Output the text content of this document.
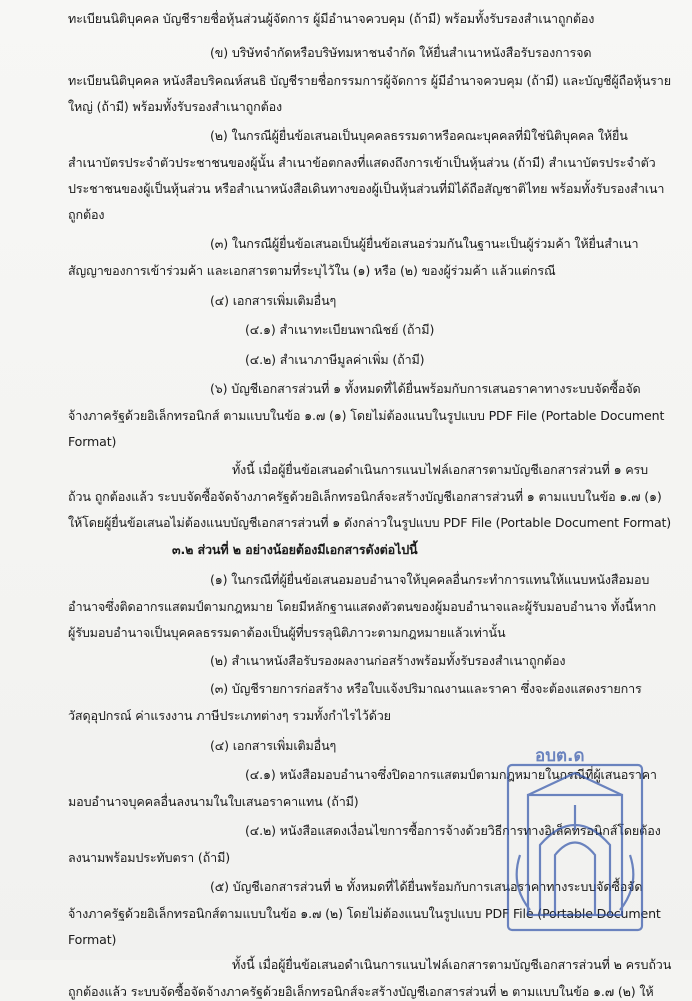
ทะเบียนนิติบุคคล บัญชีรายชื่อหุ้นส่วนผู้จัดการ ผู้มีอำนาจควบคุม (ถ้ามี) พร้อมทั้งรับรองสำเนาถูกต้อง
(ข) บริษัทจำกัดหรือบริษัทมหาชนจำกัด ให้ยื่นสำเนาหนังสือรับรองการจด
ทะเบียนนิติบุคคล หนังสือบริคณห์สนธิ บัญชีรายชื่อกรรมการผู้จัดการ ผู้มีอำนาจควบคุม (ถ้ามี) และบัญชีผู้ถือหุ้นราย
ใหญ่ (ถ้ามี) พร้อมทั้งรับรองสำเนาถูกต้อง
(๒) ในกรณีผู้ยื่นข้อเสนอเป็นบุคคลธรรมดาหรือคณะบุคคลที่มิใช่นิติบุคคล ให้ยื่น
สำเนาบัตรประจำตัวประชาชนของผู้นั้น สำเนาข้อตกลงที่แสดงถึงการเข้าเป็นหุ้นส่วน (ถ้ามี) สำเนาบัตรประจำตัว
ประชาชนของผู้เป็นหุ้นส่วน หรือสำเนาหนังสือเดินทางของผู้เป็นหุ้นส่วนที่มิได้ถือสัญชาติไทย พร้อมทั้งรับรองสำเนา
ถูกต้อง
(๓) ในกรณีผู้ยื่นข้อเสนอเป็นผู้ยื่นข้อเสนอร่วมกันในฐานะเป็นผู้ร่วมค้า ให้ยื่นสำเนา
สัญญาของการเข้าร่วมค้า และเอกสารตามที่ระบุไว้ใน (๑) หรือ (๒) ของผู้ร่วมค้า แล้วแต่กรณี
(๔) เอกสารเพิ่มเติมอื่นๆ
(๔.๑) สำเนาทะเบียนพาณิชย์ (ถ้ามี)
(๔.๒) สำเนาภาษีมูลค่าเพิ่ม (ถ้ามี)
(๖) บัญชีเอกสารส่วนที่ ๑ ทั้งหมดที่ได้ยื่นพร้อมกับการเสนอราคาทางระบบจัดซื้อจัด
จ้างภาครัฐด้วยอิเล็กทรอนิกส์ ตามแบบในข้อ ๑.๗ (๑) โดยไม่ต้องแนบในรูปแบบ PDF File (Portable Document
Format)
ทั้งนี้ เมื่อผู้ยื่นข้อเสนอดำเนินการแนบไฟล์เอกสารตามบัญชีเอกสารส่วนที่ ๑ ครบ
ถ้วน ถูกต้องแล้ว ระบบจัดซื้อจัดจ้างภาครัฐด้วยอิเล็กทรอนิกส์จะสร้างบัญชีเอกสารส่วนที่ ๑ ตามแบบในข้อ ๑.๗ (๑)
ให้โดยผู้ยื่นข้อเสนอไม่ต้องแนบบัญชีเอกสารส่วนที่ ๑ ดังกล่าวในรูปแบบ PDF File (Portable Document Format)
๓.๒ ส่วนที่ ๒ อย่างน้อยต้องมีเอกสารดังต่อไปนี้
(๑) ในกรณีที่ผู้ยื่นข้อเสนอมอบอำนาจให้บุคคลอื่นกระทำการแทนให้แนบหนังสือมอบ
อำนาจซึ่งติดอากรแสตมป์ตามกฎหมาย โดยมีหลักฐานแสดงตัวตนของผู้มอบอำนาจและผู้รับมอบอำนาจ ทั้งนี้หาก
ผู้รับมอบอำนาจเป็นบุคคลธรรมดาต้องเป็นผู้ที่บรรลุนิติภาวะตามกฎหมายแล้วเท่านั้น
(๒) สำเนาหนังสือรับรองผลงานก่อสร้างพร้อมทั้งรับรองสำเนาถูกต้อง
(๓) บัญชีรายการก่อสร้าง หรือใบแจ้งปริมาณงานและราคา ซึ่งจะต้องแสดงรายการ
วัสดุอุปกรณ์ ค่าแรงงาน ภาษีประเภทต่างๆ รวมทั้งกำไรไว้ด้วย
(๔) เอกสารเพิ่มเติมอื่นๆ
(๔.๑) หนังสือมอบอำนาจซึ่งปิดอากรแสตมป์ตามกฎหมายในกรณีที่ผู้เสนอราคา
มอบอำนาจบุคคลอื่นลงนามในใบเสนอราคาแทน (ถ้ามี)
(๔.๒) หนังสือแสดงเงื่อนไขการซื้อการจ้างด้วยวิธีการทางอิเล็คทรอนิกส์โดยต้อง
ลงนามพร้อมประทับตรา (ถ้ามี)
(๕) บัญชีเอกสารส่วนที่ ๒ ทั้งหมดที่ได้ยื่นพร้อมกับการเสนอราคาทางระบบจัดซื้อจัด
จ้างภาครัฐด้วยอิเล็กทรอนิกส์ตามแบบในข้อ ๑.๗ (๒) โดยไม่ต้องแนบในรูปแบบ PDF File (Portable Document
Format)
ทั้งนี้ เมื่อผู้ยื่นข้อเสนอดำเนินการแนบไฟล์เอกสารตามบัญชีเอกสารส่วนที่ ๒ ครบถ้วน
ถูกต้องแล้ว ระบบจัดซื้อจัดจ้างภาครัฐด้วยอิเล็กทรอนิกส์จะสร้างบัญชีเอกสารส่วนที่ ๒ ตามแบบในข้อ ๑.๗ (๒) ให้
อบต.ด
